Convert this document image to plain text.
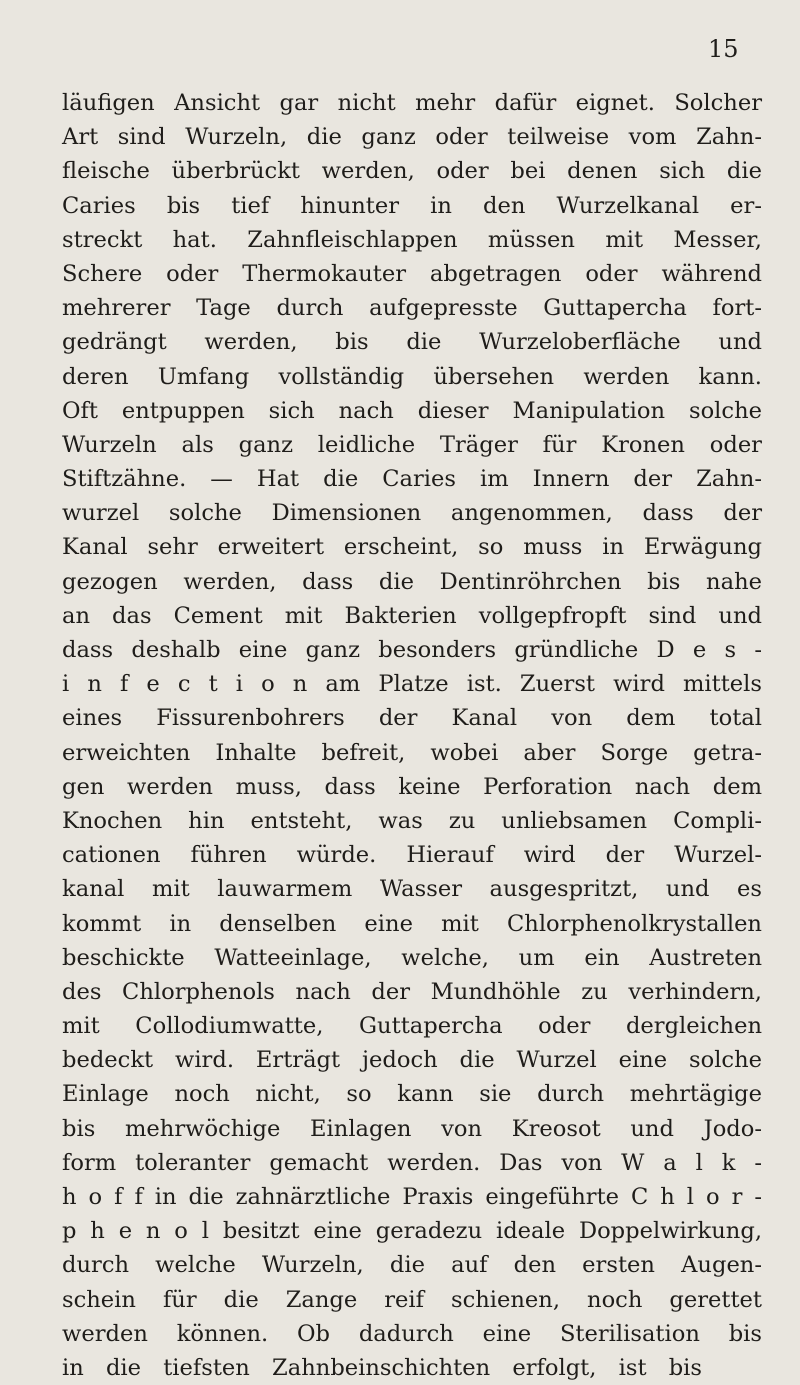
15
läufigen Ansicht gar nicht mehr dafür eignet. Solcher
Art sind Wurzeln, die ganz oder teilweise vom Zahn-
fleische überbrückt werden, oder bei denen sich die
Caries bis tief hinunter in den Wurzelkanal er-
streckt hat. Zahnfleischlappen müssen mit Messer,
Schere oder Thermokauter abgetragen oder während
mehrerer Tage durch aufgepresste Guttapercha fort-
gedrängt werden, bis die Wurzeloberfläche und
deren Umfang vollständig übersehen werden kann.
Oft entpuppen sich nach dieser Manipulation solche
Wurzeln als ganz leidliche Träger für Kronen oder
Stiftzähne. — Hat die Caries im Innern der Zahn-
wurzel solche Dimensionen angenommen, dass der
Kanal sehr erweitert erscheint, so muss in Erwägung
gezogen werden, dass die Dentinröhrchen bis nahe
an das Cement mit Bakterien vollgepfropft sind und
dass deshalb eine ganz besonders gründliche D e s -
i n f e c t i o n am Platze ist. Zuerst wird mittels
eines Fissurenbohrers der Kanal von dem total
erweichten Inhalte befreit, wobei aber Sorge getra-
gen werden muss, dass keine Perforation nach dem
Knochen hin entsteht, was zu unliebsamen Compli-
cationen führen würde. Hierauf wird der Wurzel-
kanal mit lauwarmem Wasser ausgespritzt, und es
kommt in denselben eine mit Chlorphenolkrystallen
beschickte Watteeinlage, welche, um ein Austreten
des Chlorphenols nach der Mundhöhle zu verhindern,
mit Collodiumwatte, Guttapercha oder dergleichen
bedeckt wird. Erträgt jedoch die Wurzel eine solche
Einlage noch nicht, so kann sie durch mehrtägige
bis mehrwöchige Einlagen von Kreosot und Jodo-
form toleranter gemacht werden. Das von W a l k -
h o f f in die zahnärztliche Praxis eingeführte C h l o r -
p h e n o l besitzt eine geradezu ideale Doppelwirkung,
durch welche Wurzeln, die auf den ersten Augen-
schein für die Zange reif schienen, noch gerettet
werden können. Ob dadurch eine Sterilisation bis
in die tiefsten Zahnbeinschichten erfolgt, ist bis
